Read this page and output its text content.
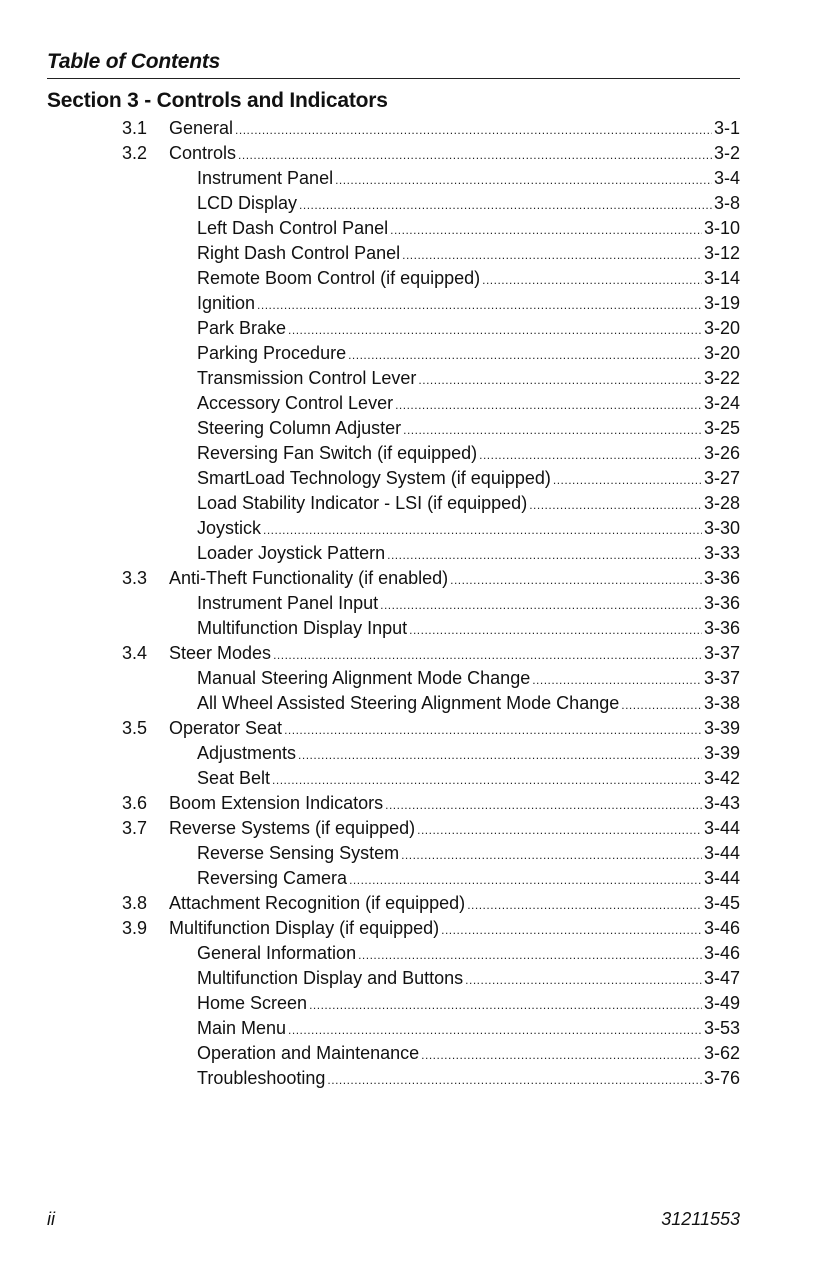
Table of Contents
Section 3 - Controls and Indicators
3.1 General .....	3-1
3.2 Controls .....	3-2
Instrument Panel .....	3-4
LCD Display .....	3-8
Left Dash Control Panel .....	3-10
Right Dash Control Panel .....	3-12
Remote Boom Control (if equipped) .....	3-14
Ignition .....	3-19
Park Brake .....	3-20
Parking Procedure .....	3-20
Transmission Control Lever .....	3-22
Accessory Control Lever .....	3-24
Steering Column Adjuster .....	3-25
Reversing Fan Switch (if equipped) .....	3-26
SmartLoad Technology System (if equipped) .....	3-27
Load Stability Indicator - LSI (if equipped) .....	3-28
Joystick .....	3-30
Loader Joystick Pattern .....	3-33
3.3 Anti-Theft Functionality (if enabled) .....	3-36
Instrument Panel Input .....	3-36
Multifunction Display Input .....	3-36
3.4 Steer Modes .....	3-37
Manual Steering Alignment Mode Change .....	3-37
All Wheel Assisted Steering Alignment Mode Change .....	3-38
3.5 Operator Seat .....	3-39
Adjustments .....	3-39
Seat Belt .....	3-42
3.6 Boom Extension Indicators .....	3-43
3.7 Reverse Systems (if equipped) .....	3-44
Reverse Sensing System .....	3-44
Reversing Camera .....	3-44
3.8 Attachment Recognition (if equipped) .....	3-45
3.9 Multifunction Display (if equipped) .....	3-46
General Information .....	3-46
Multifunction Display and Buttons .....	3-47
Home Screen .....	3-49
Main Menu .....	3-53
Operation and Maintenance .....	3-62
Troubleshooting .....	3-76
ii	31211553
